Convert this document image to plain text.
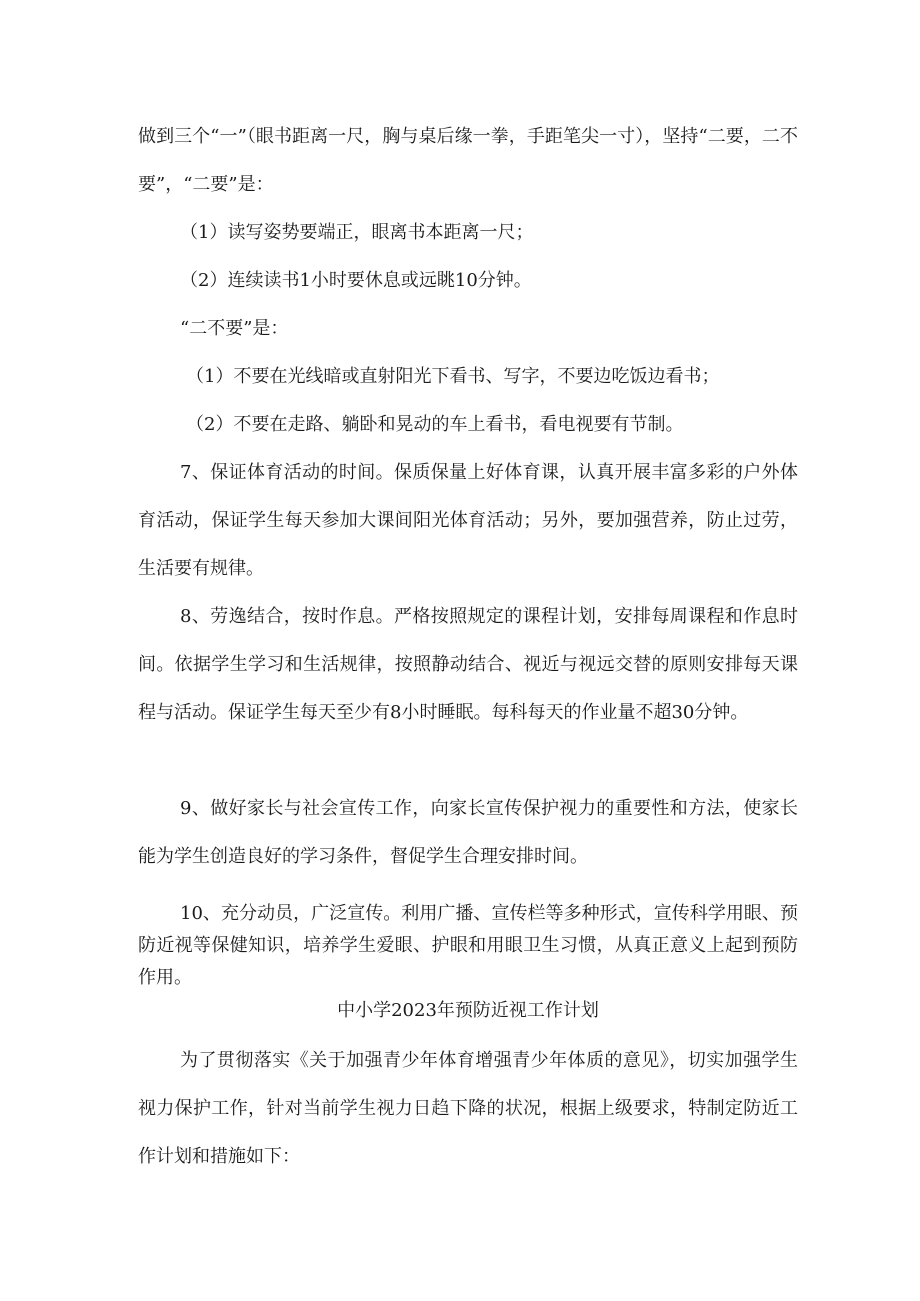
做到三个“一”（眼书距离一尺，胸与桌后缘一拳，手距笔尖一寸），坚持“二要，二不要”，“二要”是：

（1）读写姿势要端正，眼离书本距离一尺；

（2）连续读书1小时要休息或远眺10分钟。

“二不要”是：

（1）不要在光线暗或直射阳光下看书、写字，不要边吃饭边看书；

（2）不要在走路、躺卧和晃动的车上看书，看电视要有节制。

7、保证体育活动的时间。保质保量上好体育课，认真开展丰富多彩的户外体育活动，保证学生每天参加大课间阳光体育活动；另外，要加强营养，防止过劳，生活要有规律。

8、劳逸结合，按时作息。严格按照规定的课程计划，安排每周课程和作息时间。依据学生学习和生活规律，按照静动结合、视近与视远交替的原则安排每天课程与活动。保证学生每天至少有8小时睡眠。每科每天的作业量不超30分钟。

9、做好家长与社会宣传工作，向家长宣传保护视力的重要性和方法，使家长能为学生创造良好的学习条件，督促学生合理安排时间。

10、充分动员，广泛宣传。利用广播、宣传栏等多种形式，宣传科学用眼、预防近视等保健知识，培养学生爱眼、护眼和用眼卫生习惯，从真正意义上起到预防作用。

中小学2023年预防近视工作计划

为了贯彻落实《关于加强青少年体育增强青少年体质的意见》，切实加强学生视力保护工作，针对当前学生视力日趋下降的状况，根据上级要求，特制定防近工作计划和措施如下：
